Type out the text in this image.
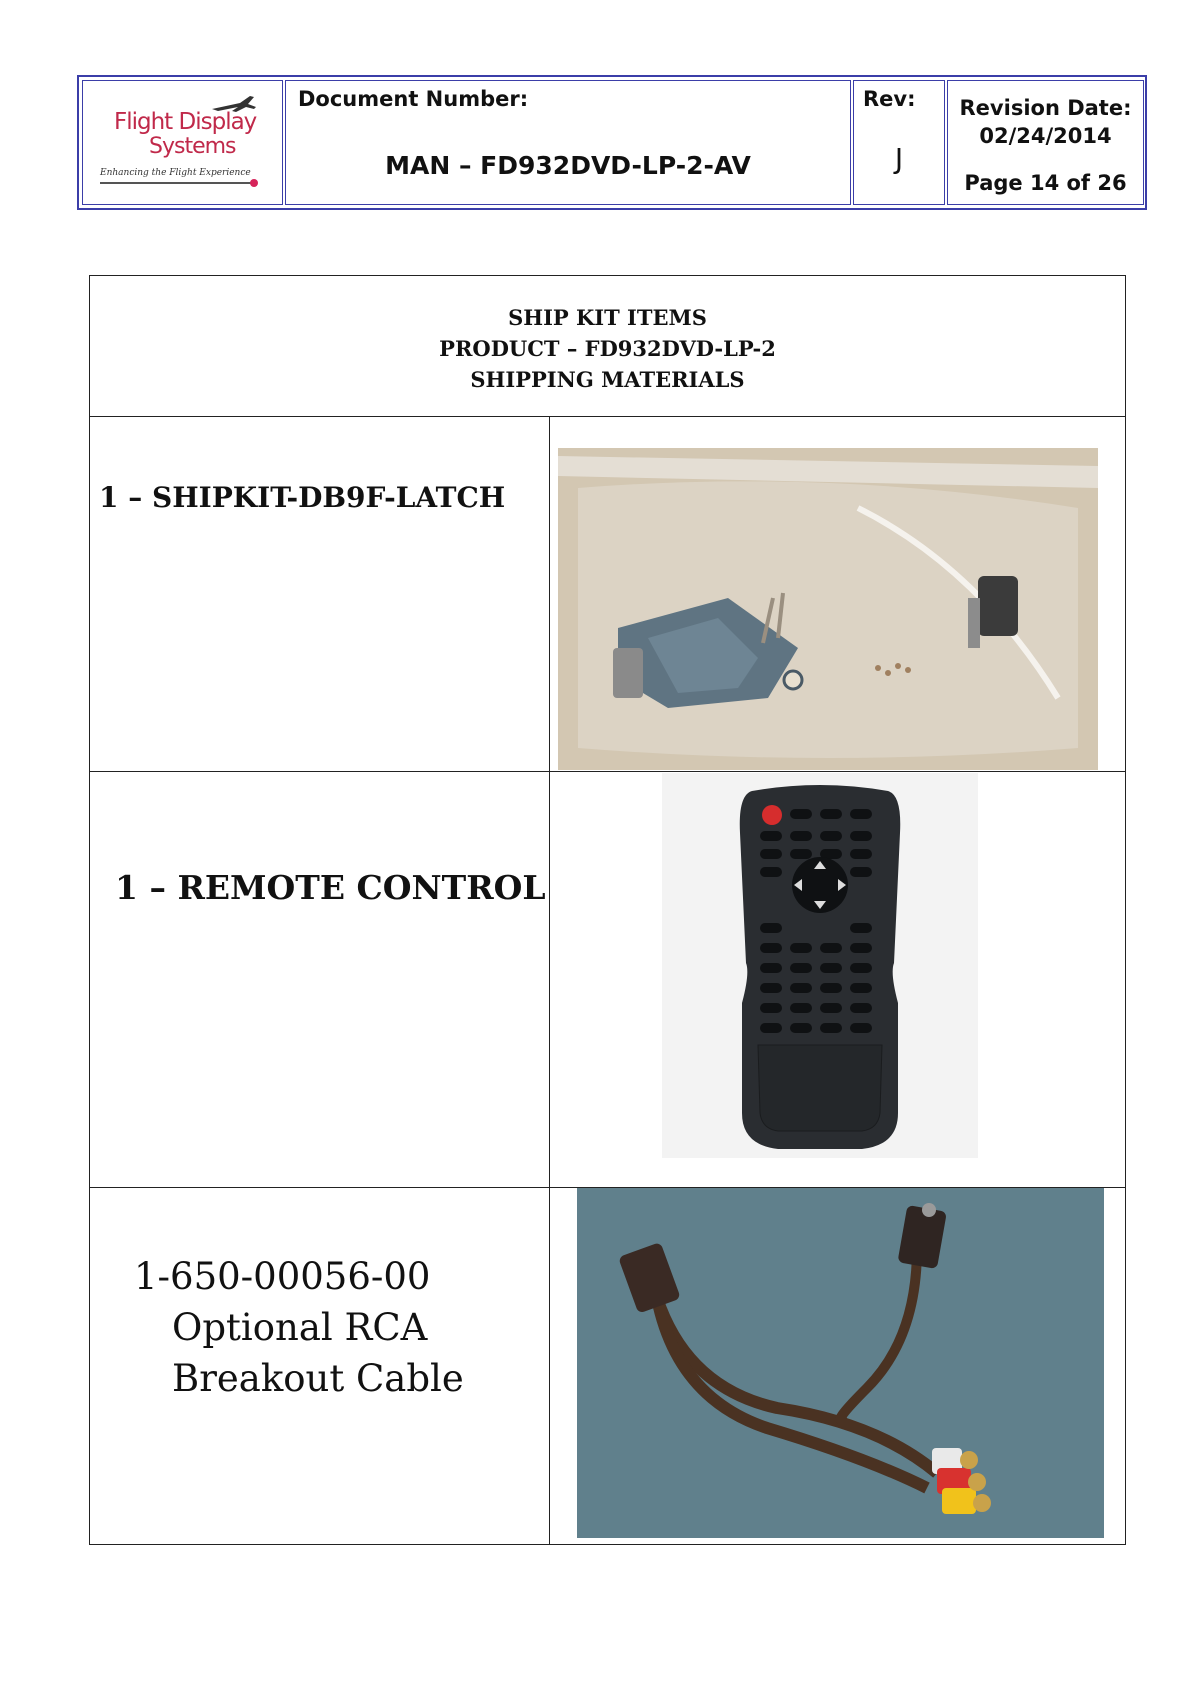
Flight Display
Systems
Enhancing the Flight Experience
Document Number:
MAN – FD932DVD-LP-2-AV
Rev:
J
Revision Date:
02/24/2014
Page 14 of 26
SHIP KIT ITEMS
PRODUCT – FD932DVD-LP-2
SHIPPING MATERIALS
1 – SHIPKIT-DB9F-LATCH
1 – REMOTE CONTROL
1-650-00056-00
Optional RCA
Breakout Cable
